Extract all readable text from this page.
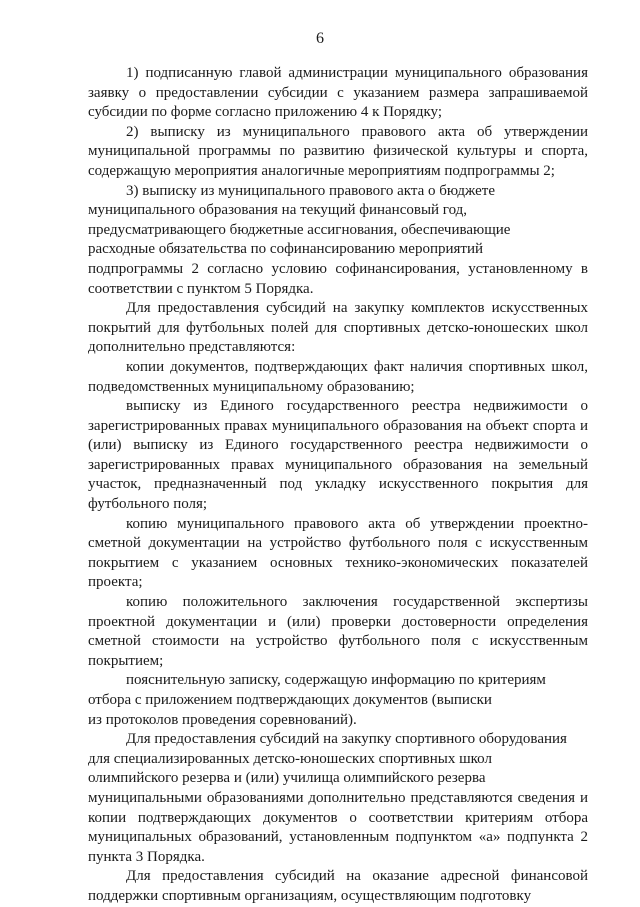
6

1) подписанную главой администрации муниципального образования заявку о предоставлении субсидии с указанием размера запрашиваемой субсидии по форме согласно приложению 4 к Порядку;

2) выписку из муниципального правового акта об утверждении муниципальной программы по развитию физической культуры и спорта, содержащую мероприятия аналогичные мероприятиям подпрограммы 2;

3) выписку из муниципального правового акта о бюджете

муниципального образования на текущий финансовый год,

предусматривающего бюджетные ассигнования, обеспечивающие

расходные обязательства по софинансированию мероприятий

подпрограммы 2 согласно условию софинансирования, установленному в соответствии с пунктом 5 Порядка.

Для предоставления субсидий на закупку комплектов искусственных покрытий для футбольных полей для спортивных детско-юношеских школ дополнительно представляются:

копии документов, подтверждающих факт наличия спортивных школ, подведомственных муниципальному образованию;

выписку из Единого государственного реестра недвижимости о зарегистрированных правах муниципального образования на объект спорта и (или) выписку из Единого государственного реестра недвижимости о зарегистрированных правах муниципального образования на земельный участок, предназначенный под укладку искусственного покрытия для футбольного поля;

копию муниципального правового акта об утверждении проектно-сметной документации на устройство футбольного поля с искусственным покрытием с указанием основных технико-экономических показателей проекта;

копию положительного заключения государственной экспертизы проектной документации и (или) проверки достоверности определения сметной стоимости на устройство футбольного поля с искусственным покрытием;

пояснительную записку, содержащую информацию по критериям

отбора с приложением подтверждающих документов (выписки

из протоколов проведения соревнований).

Для предоставления субсидий на закупку спортивного оборудования

для специализированных детско-юношеских спортивных школ

олимпийского резерва и (или) училища олимпийского резерва

муниципальными образованиями дополнительно представляются сведения и копии подтверждающих документов о соответствии критериям отбора муниципальных образований, установленным подпунктом «а» подпункта 2 пункта 3 Порядка.

Для предоставления субсидий на оказание адресной финансовой поддержки спортивным организациям, осуществляющим подготовку
